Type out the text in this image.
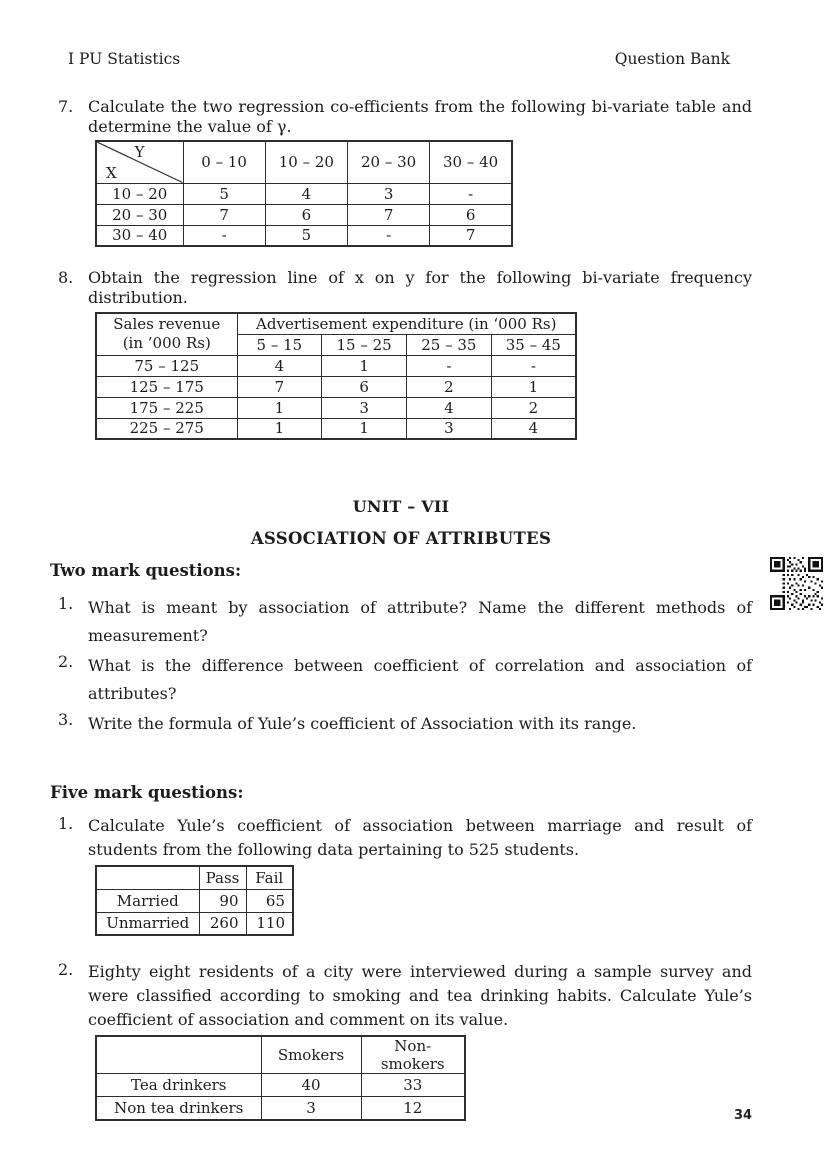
I PU Statistics	Question Bank
7. Calculate the two regression co-efficients from the following bi-variate table and determine the value of γ.
Y
X	0 – 10	10 – 20	20 – 30	30 – 40
10 – 20	5	4	3	-
20 – 30	7	6	7	6
30 – 40	-	5	-	7
8. Obtain the regression line of x on y for the following bi-variate frequency distribution.
Sales revenue
(in ’000 Rs)	Advertisement expenditure (in ‘000 Rs)			
	5 – 15	15 – 25	25 – 35	35 – 45
75 – 125	4	1	-	-
125 – 175	7	6	2	1
175 – 225	1	3	4	2
225 – 275	1	1	3	4
UNIT – VII
ASSOCIATION OF ATTRIBUTES
Two mark questions:
1. What is meant by association of attribute? Name the different methods of measurement?
2. What is the difference between coefficient of correlation and association of attributes?
3. Write the formula of Yule’s coefficient of Association with its range.
Five mark questions:
1. Calculate Yule’s coefficient of association between marriage and result of students from the following data pertaining to 525 students.
	Pass	Fail
Married	90	65
Unmarried	260	110
2. Eighty eight residents of a city were interviewed during a sample survey and were classified according to smoking and tea drinking habits. Calculate Yule’s coefficient of association and comment on its value.
	Smokers	Non-smokers
Tea drinkers	40	33
Non tea drinkers	3	12	34
